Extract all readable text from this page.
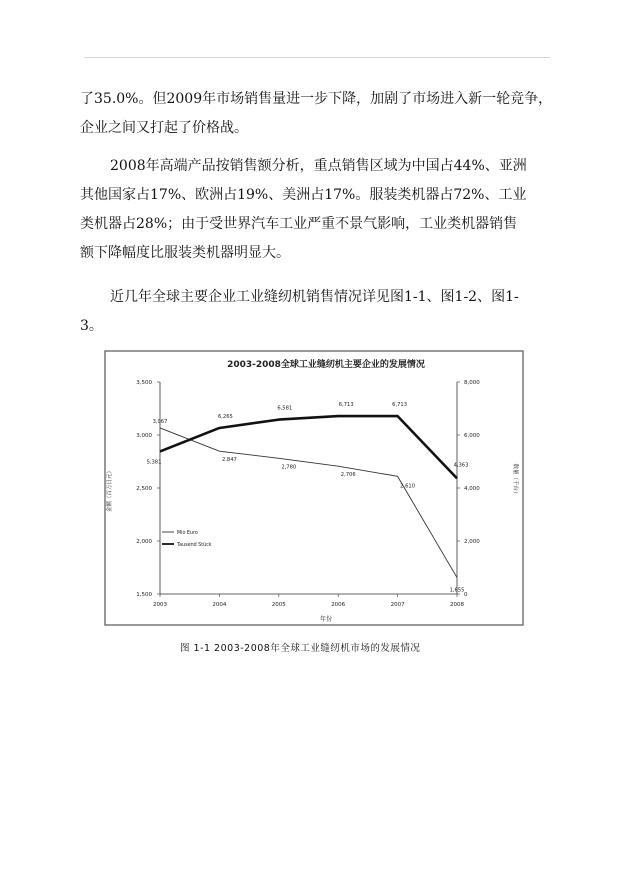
了35.0%。但2009年市场销售量进一步下降，加剧了市场进入新一轮竞争，
企业之间又打起了价格战。

2008年高端产品按销售额分析，重点销售区域为中国占44%、亚洲
其他国家占17%、欧洲占19%、美洲占17%。服装类机器占72%、工业
类机器占28%；由于受世界汽车工业严重不景气影响，工业类机器销售
额下降幅度比服装类机器明显大。

近几年全球主要企业工业缝纫机销售情况详见图1-1、图1-2、图1-
3。

2003-2008全球工业缝纫机主要企业的发展情况
年份
金额（百万日元）	数量（千台）
1,500
2,000
2,500
3,000
3,500
0
2,000
4,000
6,000
8,000
2003	2004	2005	2006	2007	2008
3,067
2,847
2,780
2,706
2,610
1,655
5,381
6,265
6,581
6,713	6,713
4,363
Mio Euro
Tausend Stück
图 1-1 2003-2008年全球工业缝纫机市场的发展情况
